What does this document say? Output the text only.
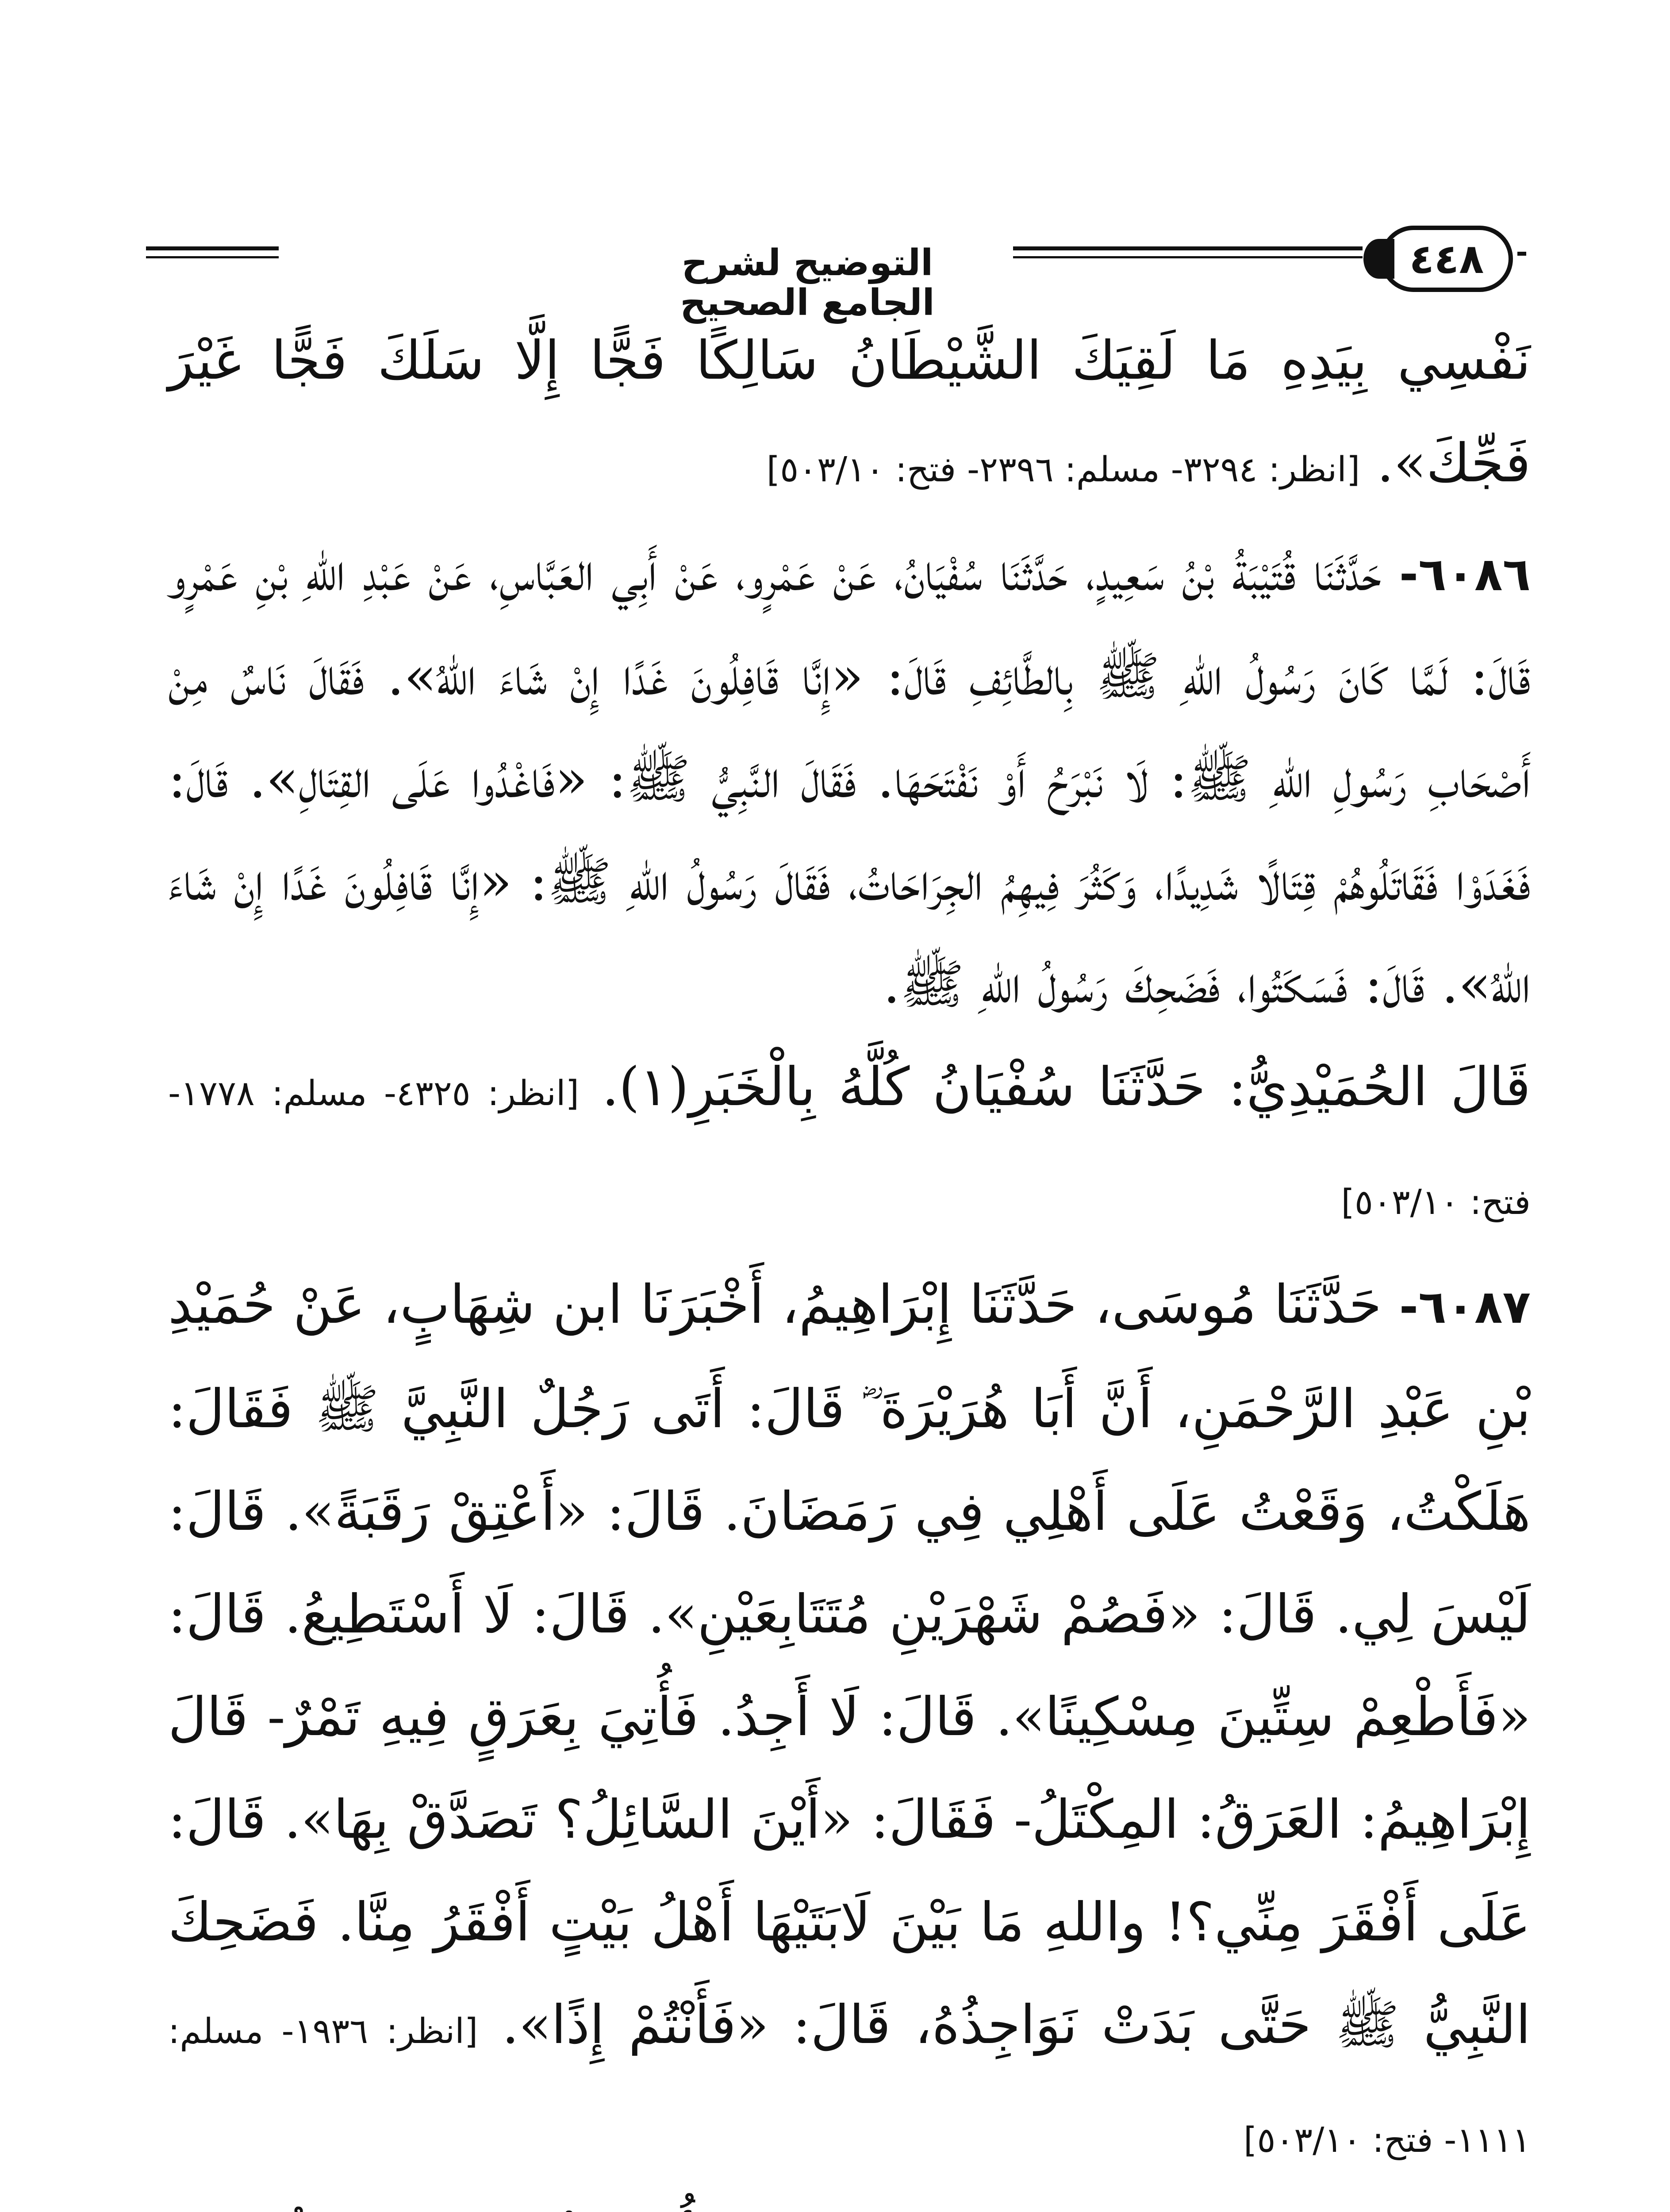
التوضيح لشرح الجامع الصحيح
٤٤٨

نَفْسِي بِيَدِهِ مَا لَقِيَكَ الشَّيْطَانُ سَالِكًا فَجًّا إِلَّا سَلَكَ فَجًّا غَيْرَ فَجِّكَ». [انظر: ٣٢٩٤- مسلم: ٢٣٩٦- فتح: ٥٠٣/١٠]

٦٠٨٦- حَدَّثَنَا قُتَيْبَةُ بْنُ سَعِيدٍ، حَدَّثَنَا سُفْيَانُ، عَنْ عَمْرٍو، عَنْ أَبِي العَبَّاسِ، عَنْ عَبْدِ اللهِ بْنِ عَمْرٍو قَالَ: لَمَّا كَانَ رَسُولُ اللهِ ﷺ بِالطَّائِفِ قَالَ: «إِنَّا قَافِلُونَ غَدًا إِنْ شَاءَ اللهُ». فَقَالَ نَاسٌ مِنْ أَصْحَابِ رَسُولِ اللهِ ﷺ: لَا نَبْرَحُ أَوْ نَفْتَحَهَا. فَقَالَ النَّبِيُّ ﷺ: «فَاغْدُوا عَلَى القِتَالِ». قَالَ: فَغَدَوْا فَقَاتَلُوهُمْ قِتَالًا شَدِيدًا، وَكَثُرَ فِيهِمُ الجِرَاحَاتُ، فَقَالَ رَسُولُ اللهِ ﷺ: «إِنَّا قَافِلُونَ غَدًا إِنْ شَاءَ اللهُ». قَالَ: فَسَكَتُوا، فَضَحِكَ رَسُولُ اللهِ ﷺ.

قَالَ الحُمَيْدِيُّ: حَدَّثَنَا سُفْيَانُ كُلَّهُ بِالْخَبَرِ(١). [انظر: ٤٣٢٥- مسلم: ١٧٧٨- فتح: ٥٠٣/١٠]

٦٠٨٧- حَدَّثَنَا مُوسَى، حَدَّثَنَا إِبْرَاهِيمُ، أَخْبَرَنَا ابن شِهَابٍ، عَنْ حُمَيْدِ بْنِ عَبْدِ الرَّحْمَنِ، أَنَّ أَبَا هُرَيْرَةَ ؓ قَالَ: أَتَى رَجُلٌ النَّبِيَّ ﷺ فَقَالَ: هَلَكْتُ، وَقَعْتُ عَلَى أَهْلِي فِي رَمَضَانَ. قَالَ: «أَعْتِقْ رَقَبَةً». قَالَ: لَيْسَ لِي. قَالَ: «فَصُمْ شَهْرَيْنِ مُتَتَابِعَيْنِ». قَالَ: لَا أَسْتَطِيعُ. قَالَ: «فَأَطْعِمْ سِتِّينَ مِسْكِينًا». قَالَ: لَا أَجِدُ. فَأُتِيَ بِعَرَقٍ فِيهِ تَمْرٌ- قَالَ إِبْرَاهِيمُ: العَرَقُ: المِكْتَلُ- فَقَالَ: «أَيْنَ السَّائِلُ؟ تَصَدَّقْ بِهَا». قَالَ: عَلَى أَفْقَرَ مِنِّي؟! واللهِ مَا بَيْنَ لَابَتَيْهَا أَهْلُ بَيْتٍ أَفْقَرُ مِنَّا. فَضَحِكَ النَّبِيُّ ﷺ حَتَّى بَدَتْ نَوَاجِذُهُ، قَالَ: «فَأَنْتُمْ إِذًا». [انظر: ١٩٣٦- مسلم: ١١١١- فتح: ٥٠٣/١٠]
